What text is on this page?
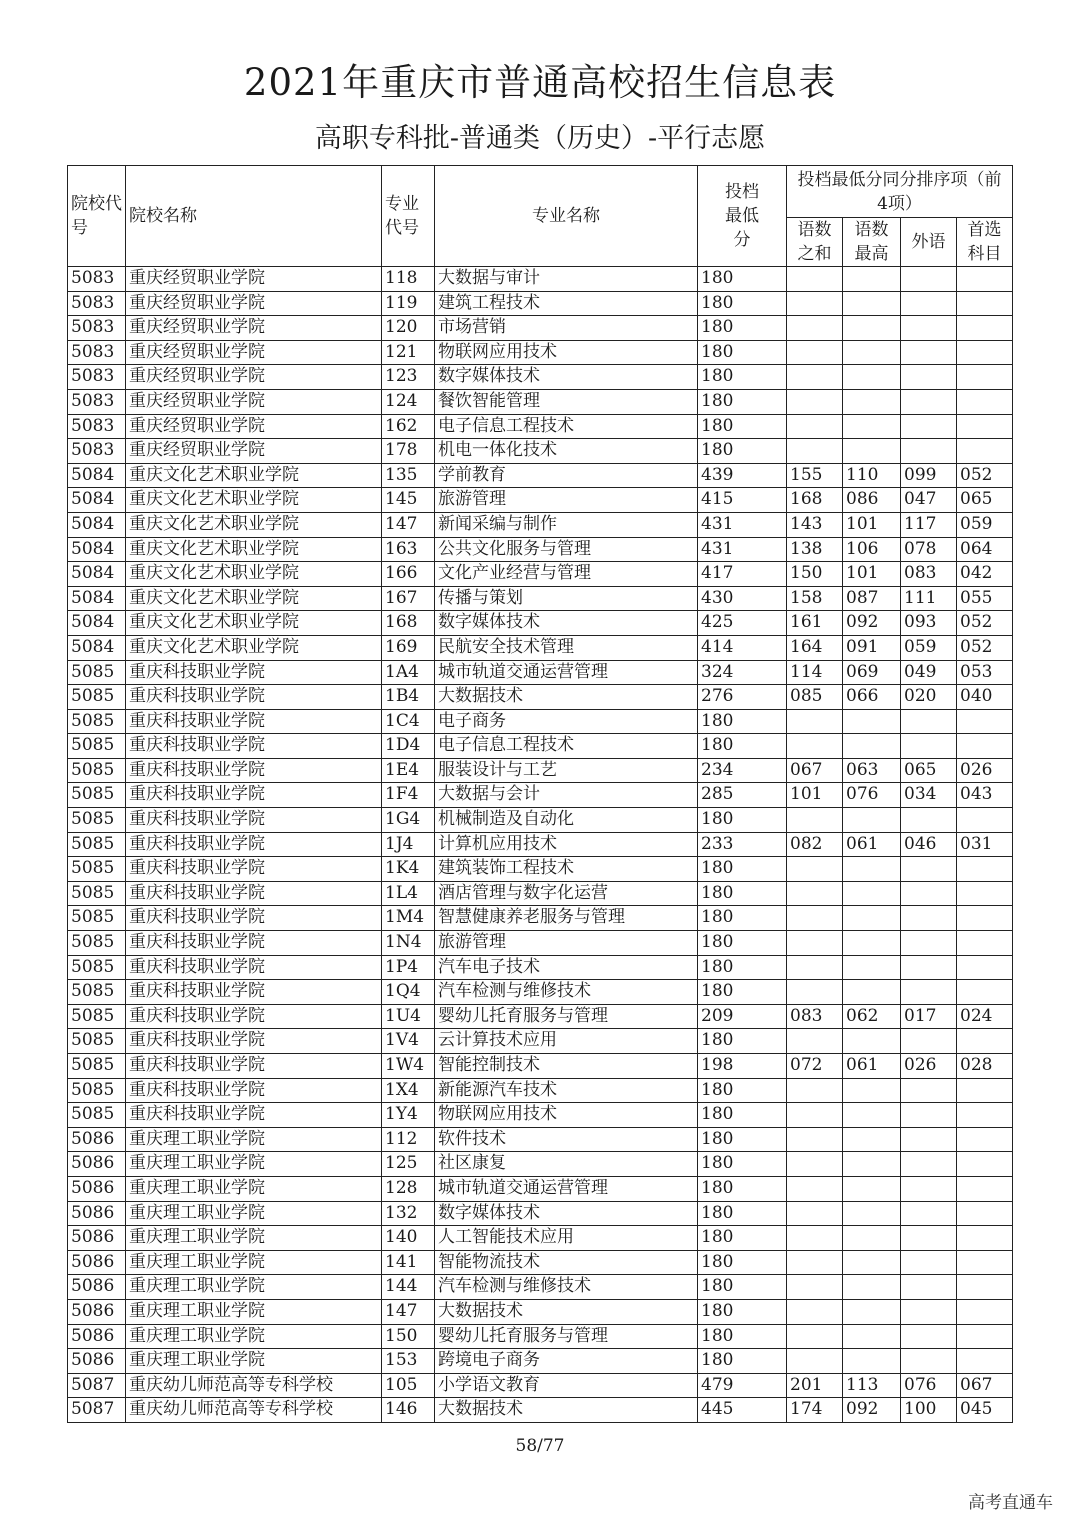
2021年重庆市普通高校招生信息表
高职专科批-普通类（历史）-平行志愿
院校代号	院校名称	专业代号	专业名称	投档最低分	投档最低分同分排序项（前4项）			
					语数之和	语数最高	外语	首选科目
5083	重庆经贸职业学院	118	大数据与审计	180				
5083	重庆经贸职业学院	119	建筑工程技术	180				
5083	重庆经贸职业学院	120	市场营销	180				
5083	重庆经贸职业学院	121	物联网应用技术	180				
5083	重庆经贸职业学院	123	数字媒体技术	180				
5083	重庆经贸职业学院	124	餐饮智能管理	180				
5083	重庆经贸职业学院	162	电子信息工程技术	180				
5083	重庆经贸职业学院	178	机电一体化技术	180				
5084	重庆文化艺术职业学院	135	学前教育	439	155	110	099	052
5084	重庆文化艺术职业学院	145	旅游管理	415	168	086	047	065
5084	重庆文化艺术职业学院	147	新闻采编与制作	431	143	101	117	059
5084	重庆文化艺术职业学院	163	公共文化服务与管理	431	138	106	078	064
5084	重庆文化艺术职业学院	166	文化产业经营与管理	417	150	101	083	042
5084	重庆文化艺术职业学院	167	传播与策划	430	158	087	111	055
5084	重庆文化艺术职业学院	168	数字媒体技术	425	161	092	093	052
5084	重庆文化艺术职业学院	169	民航安全技术管理	414	164	091	059	052
5085	重庆科技职业学院	1A4	城市轨道交通运营管理	324	114	069	049	053
5085	重庆科技职业学院	1B4	大数据技术	276	085	066	020	040
5085	重庆科技职业学院	1C4	电子商务	180				
5085	重庆科技职业学院	1D4	电子信息工程技术	180				
5085	重庆科技职业学院	1E4	服装设计与工艺	234	067	063	065	026
5085	重庆科技职业学院	1F4	大数据与会计	285	101	076	034	043
5085	重庆科技职业学院	1G4	机械制造及自动化	180				
5085	重庆科技职业学院	1J4	计算机应用技术	233	082	061	046	031
5085	重庆科技职业学院	1K4	建筑装饰工程技术	180				
5085	重庆科技职业学院	1L4	酒店管理与数字化运营	180				
5085	重庆科技职业学院	1M4	智慧健康养老服务与管理	180				
5085	重庆科技职业学院	1N4	旅游管理	180				
5085	重庆科技职业学院	1P4	汽车电子技术	180				
5085	重庆科技职业学院	1Q4	汽车检测与维修技术	180				
5085	重庆科技职业学院	1U4	婴幼儿托育服务与管理	209	083	062	017	024
5085	重庆科技职业学院	1V4	云计算技术应用	180				
5085	重庆科技职业学院	1W4	智能控制技术	198	072	061	026	028
5085	重庆科技职业学院	1X4	新能源汽车技术	180				
5085	重庆科技职业学院	1Y4	物联网应用技术	180				
5086	重庆理工职业学院	112	软件技术	180				
5086	重庆理工职业学院	125	社区康复	180				
5086	重庆理工职业学院	128	城市轨道交通运营管理	180				
5086	重庆理工职业学院	132	数字媒体技术	180				
5086	重庆理工职业学院	140	人工智能技术应用	180				
5086	重庆理工职业学院	141	智能物流技术	180				
5086	重庆理工职业学院	144	汽车检测与维修技术	180				
5086	重庆理工职业学院	147	大数据技术	180				
5086	重庆理工职业学院	150	婴幼儿托育服务与管理	180				
5086	重庆理工职业学院	153	跨境电子商务	180				
5087	重庆幼儿师范高等专科学校	105	小学语文教育	479	201	113	076	067
5087	重庆幼儿师范高等专科学校	146	大数据技术	445	174	092	100	045
58/77
高考直通车
